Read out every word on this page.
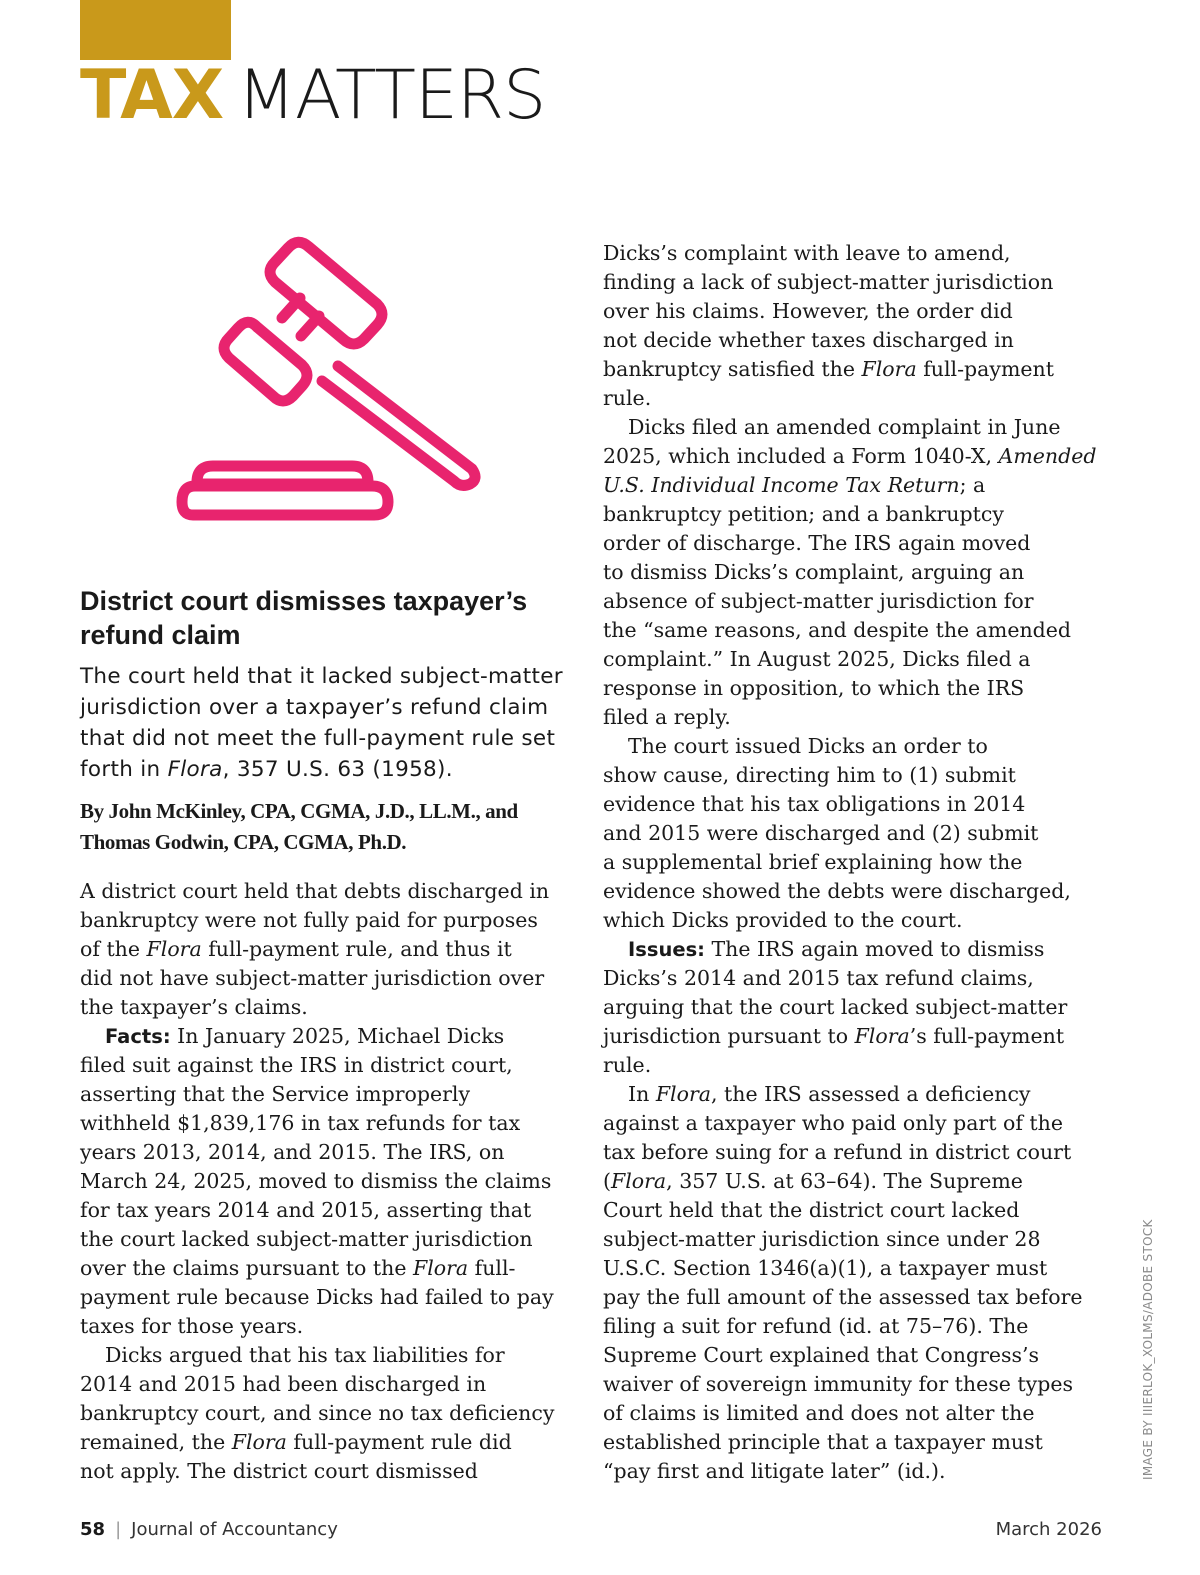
TAX MATTERS
District court dismisses taxpayer’s refund claim

The court held that it lacked subject-matter jurisdiction over a taxpayer’s refund claim that did not meet the full-payment rule set forth in Flora, 357 U.S. 63 (1958).

By John McKinley, CPA, CGMA, J.D., LL.M., and
Thomas Godwin, CPA, CGMA, Ph.D.

A district court held that debts discharged in
bankruptcy were not fully paid for purposes
of the Flora full-payment rule, and thus it
did not have subject-matter jurisdiction over
the taxpayer’s claims.
Facts: In January 2025, Michael Dicks
filed suit against the IRS in district court,
asserting that the Service improperly
withheld $1,839,176 in tax refunds for tax
years 2013, 2014, and 2015. The IRS, on
March 24, 2025, moved to dismiss the claims
for tax years 2014 and 2015, asserting that
the court lacked subject-matter jurisdiction
over the claims pursuant to the Flora full-
payment rule because Dicks had failed to pay
taxes for those years.
Dicks argued that his tax liabilities for
2014 and 2015 had been discharged in
bankruptcy court, and since no tax deficiency
remained, the Flora full-payment rule did
not apply. The district court dismissed
Dicks’s complaint with leave to amend,
finding a lack of subject-matter jurisdiction
over his claims. However, the order did
not decide whether taxes discharged in
bankruptcy satisfied the Flora full-payment
rule.
Dicks filed an amended complaint in June
2025, which included a Form 1040-X, Amended
U.S. Individual Income Tax Return; a
bankruptcy petition; and a bankruptcy
order of discharge. The IRS again moved
to dismiss Dicks’s complaint, arguing an
absence of subject-matter jurisdiction for
the “same reasons, and despite the amended
complaint.” In August 2025, Dicks filed a
response in opposition, to which the IRS
filed a reply.
The court issued Dicks an order to
show cause, directing him to (1) submit
evidence that his tax obligations in 2014
and 2015 were discharged and (2) submit
a supplemental brief explaining how the
evidence showed the debts were discharged,
which Dicks provided to the court.
Issues: The IRS again moved to dismiss
Dicks’s 2014 and 2015 tax refund claims,
arguing that the court lacked subject-matter
jurisdiction pursuant to Flora’s full-payment
rule.
In Flora, the IRS assessed a deficiency
against a taxpayer who paid only part of the
tax before suing for a refund in district court
(Flora, 357 U.S. at 63–64). The Supreme
Court held that the district court lacked
subject-matter jurisdiction since under 28
U.S.C. Section 1346(a)(1), a taxpayer must
pay the full amount of the assessed tax before
filing a suit for refund (id. at 75–76). The
Supreme Court explained that Congress’s
waiver of sovereign immunity for these types
of claims is limited and does not alter the
established principle that a taxpayer must
“pay first and litigate later” (id.).	IMAGE BY IIIERLOK_XOLMS/ADOBE STOCK

58 | Journal of Accountancy	March 2026
